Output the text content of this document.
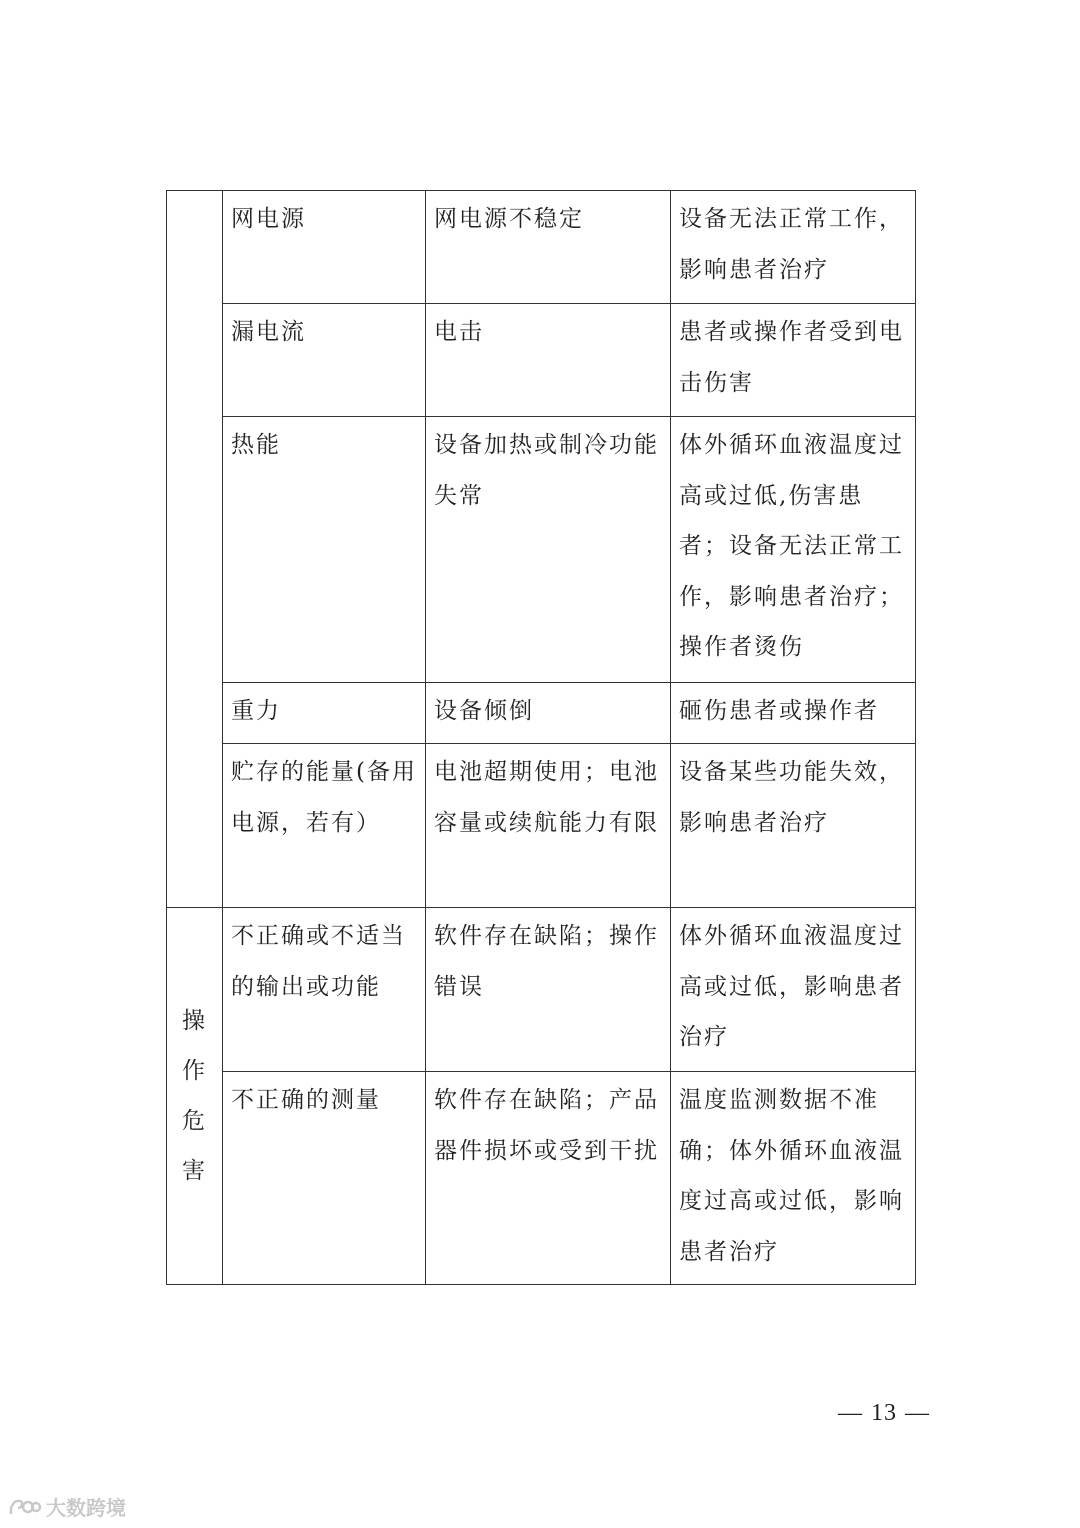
	网电源	网电源不稳定	设备无法正常工作，影响患者治疗

	漏电流	电击	患者或操作者受到电击伤害

	热能	设备加热或制冷功能失常	体外循环血液温度过高或过低,伤害患者；设备无法正常工作，影响患者治疗；操作者烫伤

	重力	设备倾倒	砸伤患者或操作者

	贮存的能量(备用电源，若有）	电池超期使用；电池容量或续航能力有限	设备某些功能失效，影响患者治疗

操作危害	不正确或不适当的输出或功能	软件存在缺陷；操作错误	体外循环血液温度过高或过低，影响患者治疗

	不正确的测量	软件存在缺陷；产品器件损坏或受到干扰	温度监测数据不准确；体外循环血液温度过高或过低，影响患者治疗
— 13 —
大数跨境
